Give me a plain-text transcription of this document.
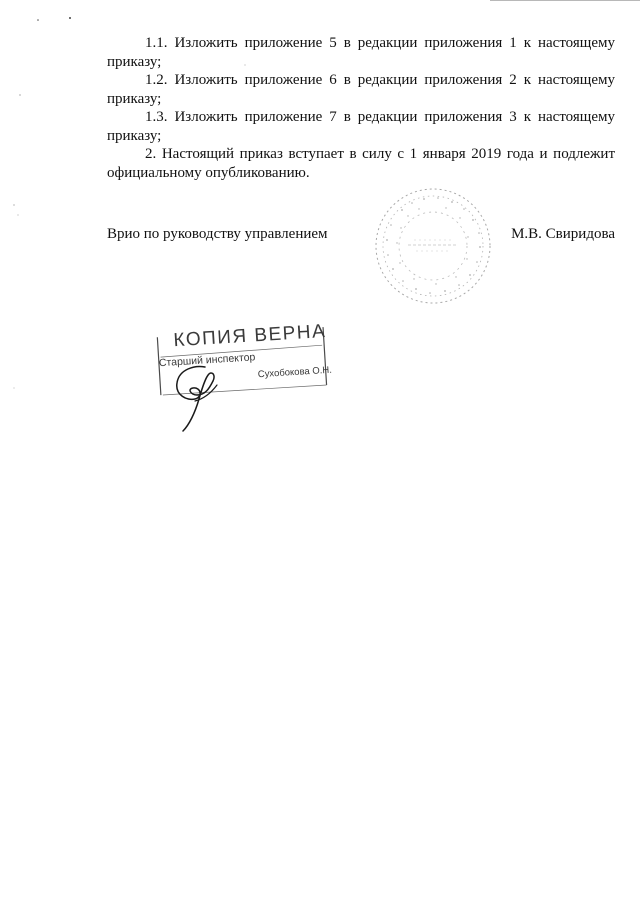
1.1. Изложить приложение 5 в редакции приложения 1 к настоящему приказу;

1.2. Изложить приложение 6 в редакции приложения 2 к настоящему приказу;

1.3. Изложить приложение 7 в редакции приложения 3 к настоящему приказу;

2. Настоящий приказ вступает в силу с 1 января 2019 года и подлежит официальному опубликованию.

Врио по руководству управлением	М.В. Свиридова
КОПИЯ ВЕРНА
Старший инспектор
Сухобокова О.Н.
